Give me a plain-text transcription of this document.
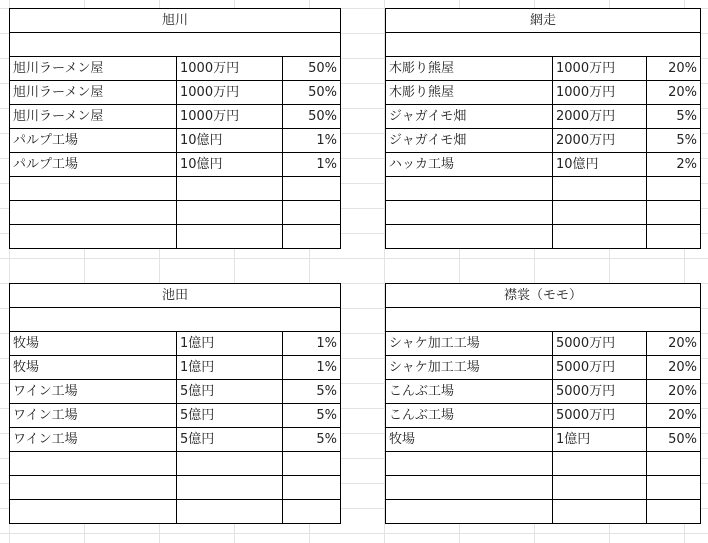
旭川		

旭川ラーメン屋	1000万円	50%
旭川ラーメン屋	1000万円	50%
旭川ラーメン屋	1000万円	50%
パルプ工場	10億円	1%
パルプ工場	10億円	1%

網走		

木彫り熊屋	1000万円	20%
木彫り熊屋	1000万円	20%
ジャガイモ畑	2000万円	5%
ジャガイモ畑	2000万円	5%
ハッカ工場	10億円	2%

池田		

牧場	1億円	1%
牧場	1億円	1%
ワイン工場	5億円	5%
ワイン工場	5億円	5%
ワイン工場	5億円	5%

襟裳（モモ）		

シャケ加工工場	5000万円	20%
シャケ加工工場	5000万円	20%
こんぶ工場	5000万円	20%
こんぶ工場	5000万円	20%
牧場	1億円	50%
